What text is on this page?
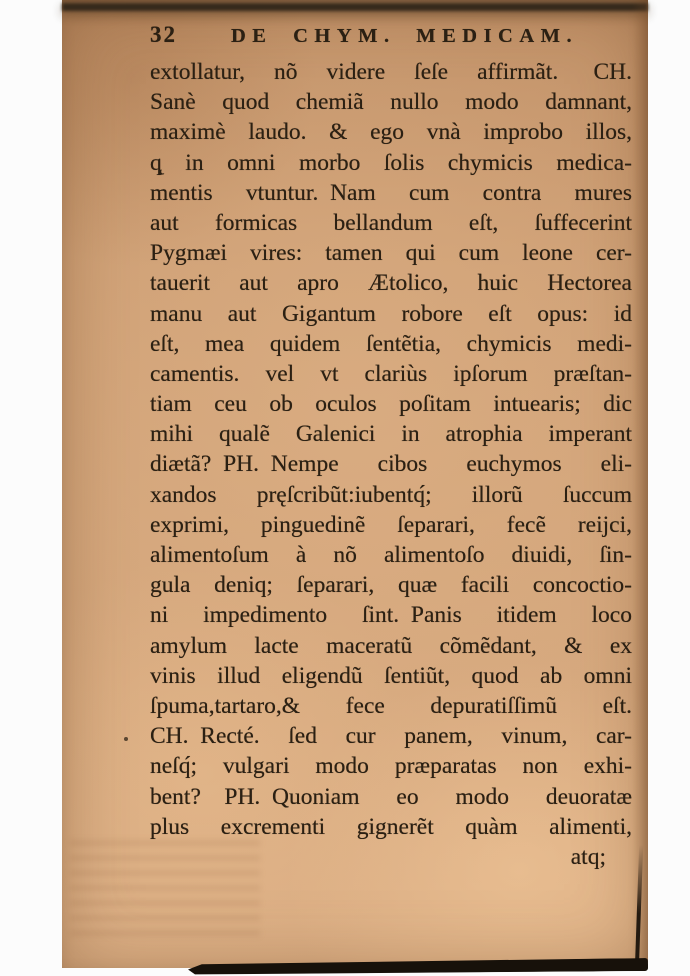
32	DE CHYM. MEDICAM.
extollatur, nõ videre ſeſe affirmãt.   CH.
Sanè quod chemiã nullo modo damnant,
maximè laudo. & ego vnà improbo illos,
q̨ in omni morbo ſolis chymicis medica-
mentis vtuntur. Nam cum contra mures
aut formicas bellandum eſt, ſuffecerint
Pygmæi vires: tamen qui cum leone cer-
tauerit aut apro Ætolico, huic Hectorea
manu aut Gigantum robore eſt opus: id
eſt, mea quidem ſentẽtia, chymicis medi-
camentis. vel vt clariùs ipſorum præſtan-
tiam ceu ob oculos poſitam intuearis; dic
mihi qualẽ Galenici in atrophia imperant
diætã? PH. Nempe cibos euchymos eli-
xandos pręſcribũt:iubentq́; illorũ ſuccum
exprimi, pinguedinẽ ſeparari, fecẽ reijci,
alimentoſum à nõ alimentoſo diuidi, ſin-
gula deniq; ſeparari, quæ facili concoctio-
ni impedimento ſint. Panis itidem loco
amylum lacte maceratũ cõmẽdant, & ex
vinis illud eligendũ ſentiũt, quod ab omni
ſpuma,tartaro,& fece depuratiſſimũ eſt.
CH. Recté. ſed cur panem, vinum, car-
neſq́; vulgari modo præparatas non exhi-
bent?  PH. Quoniam eo modo deuoratæ
plus excrementi gignerẽt quàm alimenti,
atq;
